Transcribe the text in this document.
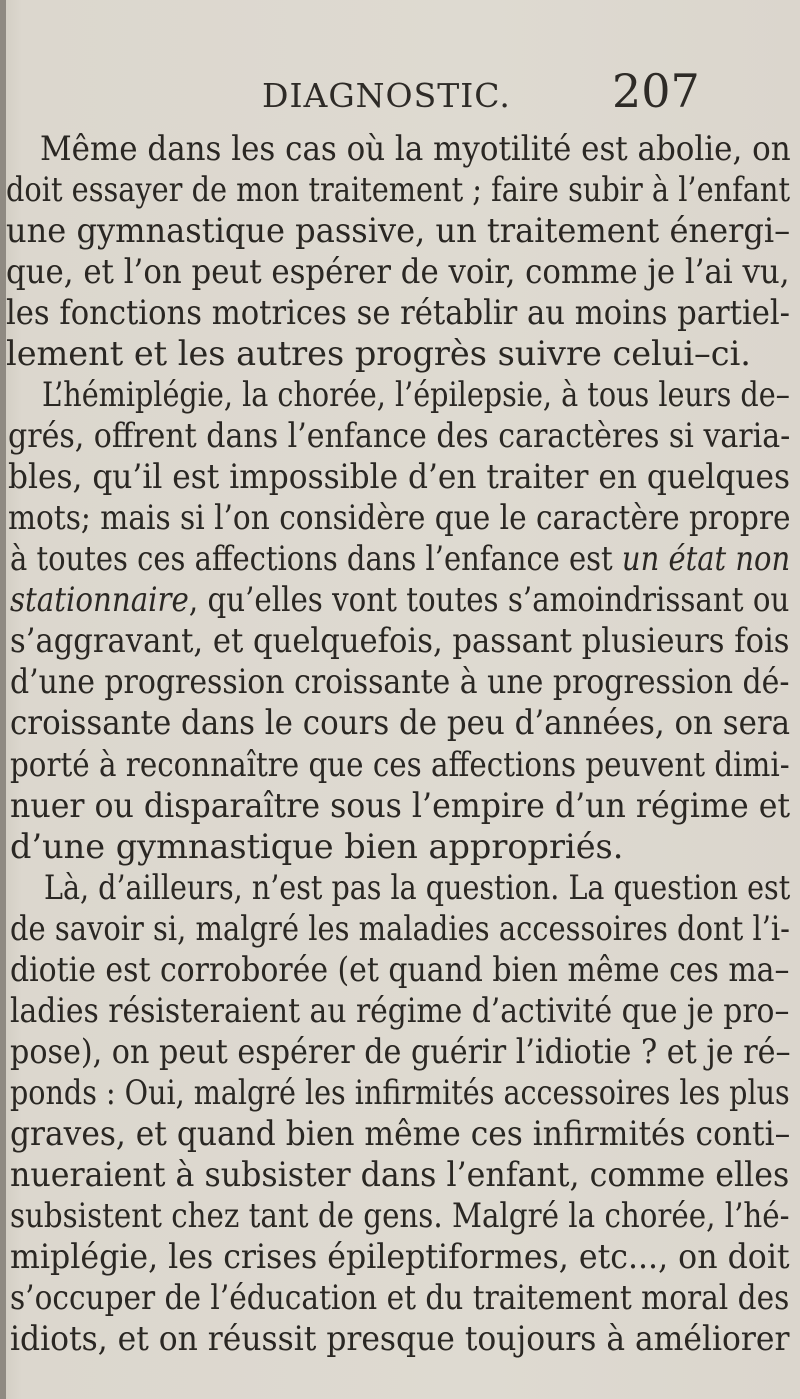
DIAGNOSTIC. 207
Même dans les cas où la myotilité est abolie, on
doit essayer de mon traitement ; faire subir à l’enfant
une gymnastique passive, un traitement énergi–
que, et l’on peut espérer de voir, comme je l’ai vu,
les fonctions motrices se rétablir au moins partiel-
lement et les autres progrès suivre celui–ci.
L’hémiplégie, la chorée, l’épilepsie, à tous leurs de–
grés, offrent dans l’enfance des caractères si varia-
bles, qu’il est impossible d’en traiter en quelques
mots; mais si l’on considère que le caractère propre
à toutes ces affections dans l’enfance est un état non
stationnaire, qu’elles vont toutes s’amoindrissant ou
s’aggravant, et quelquefois, passant plusieurs fois
d’une progression croissante à une progression dé-
croissante dans le cours de peu d’années, on sera
porté à reconnaître que ces affections peuvent dimi-
nuer ou disparaître sous l’empire d’un régime et
d’une gymnastique bien appropriés.
Là, d’ailleurs, n’est pas la question. La question est
de savoir si, malgré les maladies accessoires dont l’i-
diotie est corroborée (et quand bien même ces ma–
ladies résisteraient au régime d’activité que je pro–
pose), on peut espérer de guérir l’idiotie ? et je ré–
ponds : Oui, malgré les infirmités accessoires les plus
graves, et quand bien même ces infirmités conti–
nueraient à subsister dans l’enfant, comme elles
subsistent chez tant de gens. Malgré la chorée, l’hé-
miplégie, les crises épileptiformes, etc..., on doit
s’occuper de l’éducation et du traitement moral des
idiots, et on réussit presque toujours à améliorer
